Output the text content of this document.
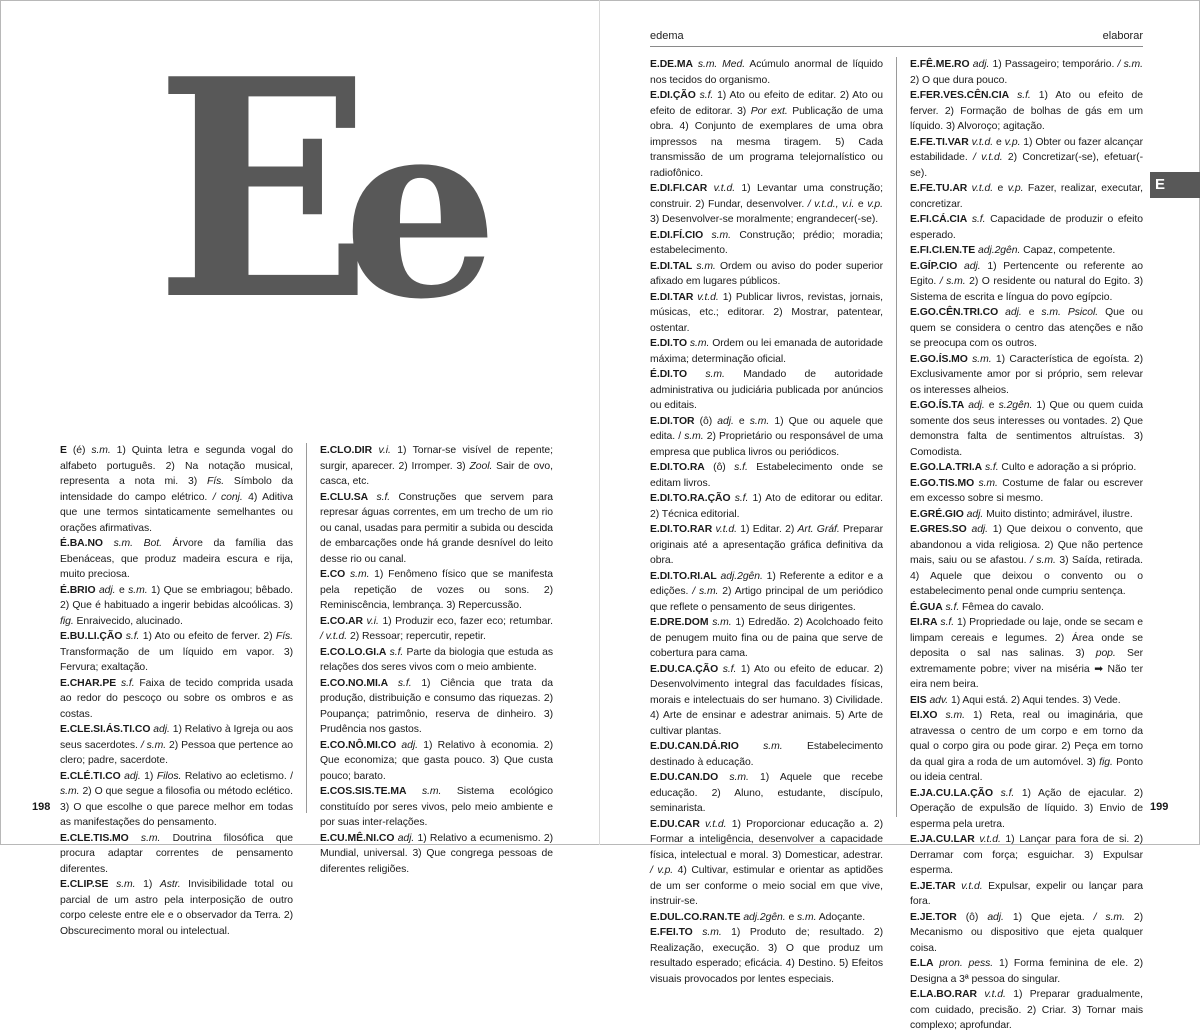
Ee

E (é) s.m. 1) Quinta letra e segunda vogal do alfabeto português. 2) Na notação musical, representa a nota mi. 3) Fís. Símbolo da intensidade do campo elétrico. / conj. 4) Aditiva que une termos sintaticamente semelhantes ou orações afirmativas.

É.BA.NO s.m. Bot. Árvore da família das Ebenáceas, que produz madeira escura e rija, muito preciosa.

É.BRIO adj. e s.m. 1) Que se embriagou; bêbado. 2) Que é habituado a ingerir bebidas alcoólicas. 3) fig. Enraivecido, alucinado.

E.BU.LI.ÇÃO s.f. 1) Ato ou efeito de ferver. 2) Fís. Transformação de um líquido em vapor. 3) Fervura; exaltação.

E.CHAR.PE s.f. Faixa de tecido comprida usada ao redor do pescoço ou sobre os ombros e as costas.

E.CLE.SI.ÁS.TI.CO adj. 1) Relativo à Igreja ou aos seus sacerdotes. / s.m. 2) Pessoa que pertence ao clero; padre, sacerdote.

E.CLÉ.TI.CO adj. 1) Filos. Relativo ao ecletismo. / s.m. 2) O que segue a filosofia ou método eclético. 3) O que escolhe o que parece melhor em todas as manifestações do pensamento.

E.CLE.TIS.MO s.m. Doutrina filosófica que procura adaptar correntes de pensamento diferentes.

E.CLIP.SE s.m. 1) Astr. Invisibilidade total ou parcial de um astro pela interposição de outro corpo celeste entre ele e o observador da Terra. 2) Obscurecimento moral ou intelectual.

E.CLO.DIR v.i. 1) Tornar-se visível de repente; surgir, aparecer. 2) Irromper. 3) Zool. Sair de ovo, casca, etc.

E.CLU.SA s.f. Construções que servem para represar águas correntes, em um trecho de um rio ou canal, usadas para permitir a subida ou descida de embarcações onde há grande desnível do leito desse rio ou canal.

E.CO s.m. 1) Fenômeno físico que se manifesta pela repetição de vozes ou sons. 2) Reminiscência, lembrança. 3) Repercussão.

E.CO.AR v.i. 1) Produzir eco, fazer eco; retumbar. / v.t.d. 2) Ressoar; repercutir, repetir.

E.CO.LO.GI.A s.f. Parte da biologia que estuda as relações dos seres vivos com o meio ambiente.

E.CO.NO.MI.A s.f. 1) Ciência que trata da produção, distribuição e consumo das riquezas. 2) Poupança; patrimônio, reserva de dinheiro. 3) Prudência nos gastos.

E.CO.NÔ.MI.CO adj. 1) Relativo à economia. 2) Que economiza; que gasta pouco. 3) Que custa pouco; barato.

E.COS.SIS.TE.MA s.m. Sistema ecológico constituído por seres vivos, pelo meio ambiente e por suas inter-relações.

E.CU.MÊ.NI.CO adj. 1) Relativo a ecumenismo. 2) Mundial, universal. 3) Que congrega pessoas de diferentes religiões.

198
edema	elaborar

E.DE.MA s.m. Med. Acúmulo anormal de líquido nos tecidos do organismo.

E.DI.ÇÃO s.f. 1) Ato ou efeito de editar. 2) Ato ou efeito de editorar. 3) Por ext. Publicação de uma obra. 4) Conjunto de exemplares de uma obra impressos na mesma tiragem. 5) Cada transmissão de um programa telejornalístico ou radiofônico.

E.DI.FI.CAR v.t.d. 1) Levantar uma construção; construir. 2) Fundar, desenvolver. / v.t.d., v.i. e v.p. 3) Desenvolver-se moralmente; engrandecer(-se).

E.DI.FÍ.CIO s.m. Construção; prédio; moradia; estabelecimento.

E.DI.TAL s.m. Ordem ou aviso do poder superior afixado em lugares públicos.

E.DI.TAR v.t.d. 1) Publicar livros, revistas, jornais, músicas, etc.; editorar. 2) Mostrar, patentear, ostentar.

E.DI.TO s.m. Ordem ou lei emanada de autoridade máxima; determinação oficial.

É.DI.TO s.m. Mandado de autoridade administrativa ou judiciária publicada por anúncios ou editais.

E.DI.TOR (ô) adj. e s.m. 1) Que ou aquele que edita. / s.m. 2) Proprietário ou responsável de uma empresa que publica livros ou periódicos.

E.DI.TO.RA (ô) s.f. Estabelecimento onde se editam livros.

E.DI.TO.RA.ÇÃO s.f. 1) Ato de editorar ou editar. 2) Técnica editorial.

E.DI.TO.RAR v.t.d. 1) Editar. 2) Art. Gráf. Preparar originais até a apresentação gráfica definitiva da obra.

E.DI.TO.RI.AL adj.2gên. 1) Referente a editor e a edições. / s.m. 2) Artigo principal de um periódico que reflete o pensamento de seus dirigentes.

E.DRE.DOM s.m. 1) Edredão. 2) Acolchoado feito de penugem muito fina ou de paina que serve de cobertura para cama.

E.DU.CA.ÇÃO s.f. 1) Ato ou efeito de educar. 2) Desenvolvimento integral das faculdades físicas, morais e intelectuais do ser humano. 3) Civilidade. 4) Arte de ensinar e adestrar animais. 5) Arte de cultivar plantas.

E.DU.CAN.DÁ.RIO s.m. Estabelecimento destinado à educação.

E.DU.CAN.DO s.m. 1) Aquele que recebe educação. 2) Aluno, estudante, discípulo, seminarista.

E.DU.CAR v.t.d. 1) Proporcionar educação a. 2) Formar a inteligência, desenvolver a capacidade física, intelectual e moral. 3) Domesticar, adestrar. / v.p. 4) Cultivar, estimular e orientar as aptidões de um ser conforme o meio social em que vive, instruir-se.

E.DUL.CO.RAN.TE adj.2gên. e s.m. Adoçante.

E.FEI.TO s.m. 1) Produto de; resultado. 2) Realização, execução. 3) O que produz um resultado esperado; eficácia. 4) Destino. 5) Efeitos visuais provocados por lentes especiais.

E.FÊ.ME.RO adj. 1) Passageiro; temporário. / s.m. 2) O que dura pouco.

E.FER.VES.CÊN.CIA s.f. 1) Ato ou efeito de ferver. 2) Formação de bolhas de gás em um líquido. 3) Alvoroço; agitação.

E.FE.TI.VAR v.t.d. e v.p. 1) Obter ou fazer alcançar estabilidade. / v.t.d. 2) Concretizar(-se), efetuar(-se).

E.FE.TU.AR v.t.d. e v.p. Fazer, realizar, executar, concretizar.

E.FI.CÁ.CIA s.f. Capacidade de produzir o efeito esperado.

E.FI.CI.EN.TE adj.2gên. Capaz, competente.

E.GÍP.CIO adj. 1) Pertencente ou referente ao Egito. / s.m. 2) O residente ou natural do Egito. 3) Sistema de escrita e língua do povo egípcio.

E.GO.CÊN.TRI.CO adj. e s.m. Psicol. Que ou quem se considera o centro das atenções e não se preocupa com os outros.

E.GO.ÍS.MO s.m. 1) Característica de egoísta. 2) Exclusivamente amor por si próprio, sem relevar os interesses alheios.

E.GO.ÍS.TA adj. e s.2gên. 1) Que ou quem cuida somente dos seus interesses ou vontades. 2) Que demonstra falta de sentimentos altruístas. 3) Comodista.

E.GO.LA.TRI.A s.f. Culto e adoração a si próprio.

E.GO.TIS.MO s.m. Costume de falar ou escrever em excesso sobre si mesmo.

E.GRÉ.GIO adj. Muito distinto; admirável, ilustre.

E.GRES.SO adj. 1) Que deixou o convento, que abandonou a vida religiosa. 2) Que não pertence mais, saiu ou se afastou. / s.m. 3) Saída, retirada. 4) Aquele que deixou o convento ou o estabelecimento penal onde cumpriu sentença.

É.GUA s.f. Fêmea do cavalo.

EI.RA s.f. 1) Propriedade ou laje, onde se secam e limpam cereais e legumes. 2) Área onde se deposita o sal nas salinas. 3) pop. Ser extremamente pobre; viver na miséria ➡ Não ter eira nem beira.

EIS adv. 1) Aqui está. 2) Aqui tendes. 3) Vede.

EI.XO s.m. 1) Reta, real ou imaginária, que atravessa o centro de um corpo e em torno da qual o corpo gira ou pode girar. 2) Peça em torno da qual gira a roda de um automóvel. 3) fig. Ponto ou ideia central.

E.JA.CU.LA.ÇÃO s.f. 1) Ação de ejacular. 2) Operação de expulsão de líquido. 3) Envio de esperma pela uretra.

E.JA.CU.LAR v.t.d. 1) Lançar para fora de si. 2) Derramar com força; esguichar. 3) Expulsar esperma.

E.JE.TAR v.t.d. Expulsar, expelir ou lançar para fora.

E.JE.TOR (ô) adj. 1) Que ejeta. / s.m. 2) Mecanismo ou dispositivo que ejeta qualquer coisa.

E.LA pron. pess. 1) Forma feminina de ele. 2) Designa a 3ª pessoa do singular.

E.LA.BO.RAR v.t.d. 1) Preparar gradualmente, com cuidado, precisão. 2) Criar. 3) Tornar mais complexo; aprofundar.

E
199
